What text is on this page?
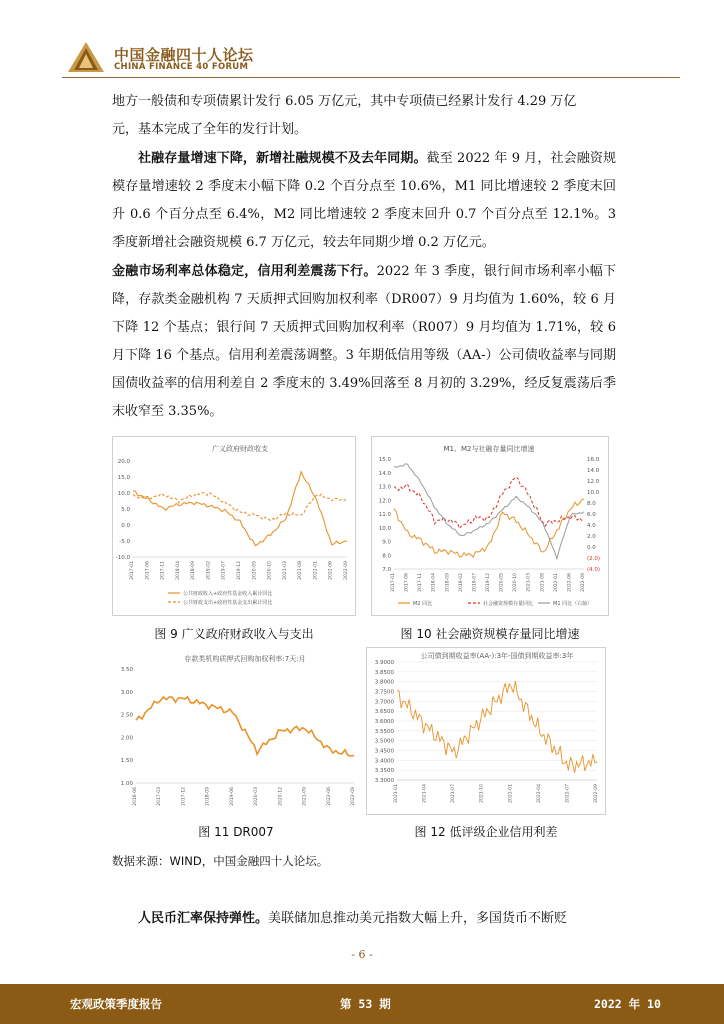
中国金融四十人论坛
CHINA FINANCE 40 FORUM

地方一般债和专项债累计发行 6.05 万亿元，其中专项债已经累计发行 4.29 万亿

元，基本完成了全年的发行计划。

社融存量增速下降，新增社融规模不及去年同期。截至 2022 年 9 月，社会融资规模存量增速较 2 季度末小幅下降 0.2 个百分点至 10.6%，M1 同比增速较 2 季度末回升 0.6 个百分点至 6.4%，M2 同比增速较 2 季度末回升 0.7 个百分点至 12.1%。3 季度新增社会融资规模 6.7 万亿元，较去年同期少增 0.2 万亿元。

金融市场利率总体稳定，信用利差震荡下行。2022 年 3 季度，银行间市场利率小幅下降，存款类金融机构 7 天质押式回购加权利率（DR007）9 月均值为 1.60%，较 6 月下降 12 个基点；银行间 7 天质押式回购加权利率（R007）9 月均值为 1.71%，较 6 月下降 16 个基点。信用利差震荡调整。3 年期低信用等级（AA-）公司债收益率与同期国债收益率的信用利差自 2 季度末的 3.49%回落至 8 月初的 3.29%，经反复震荡后季末收窄至 3.35%。

广义政府财政收支
20.0
15.0
10.0
5.0
0.0
-5.0
-10.0
2017-01 2017-06 2017-11 2018-04 2018-09 2019-02 2019-07 2019-12 2020-05 2020-10 2021-03 2021-08 2022-01 2022-06 2022-09
公共财政收入+政府性基金收入累计同比
公共财政支出+政府性基金支出累计同比
图 9 广义政府财政收入与支出
M1、M2与社融存量同比增速
15.0
14.0
13.0
12.0
11.0
10.0
9.0
8.0
7.0
16.0
14.0
12.0
10.0
8.0
6.0
4.0
2.0
0.0
(2.0)
(4.0)
2017-01 2017-06 2017-11 2018-04 2018-09 2019-02 2019-07 2019-12 2020-05 2020-10 2021-03 2021-08 2022-01 2022-06 2022-09
M2 同比	社会融资规模存量同比	M1 同比（右轴）
图 10 社会融资规模存量同比增速
存款类机构质押式回购加权利率:7天:月
3.50
3.00
2.50
2.00
1.50
1.00
2016-06	2017-03	2017-12	2018-09	2019-06	2020-03	2020-12	2021-09	2022-06	2022-09
图 11 DR007
公司债到期收益率(AA-):3年-国债到期收益率:3年
3.9000
3.8500
3.8000
3.7500
3.7000
3.6500
3.6000
3.5500
3.5000
3.4500
3.4000
3.3500
3.3000
2021-01	2021-04	2021-07	2021-10	2022-01	2022-04	2022-07	2022-09
图 12 低评级企业信用利差
数据来源：WIND，中国金融四十人论坛。

人民币汇率保持弹性。美联储加息推动美元指数大幅上升，多国货币不断贬

- 6 -
宏观政策季度报告	第 53 期	2022 年 10
